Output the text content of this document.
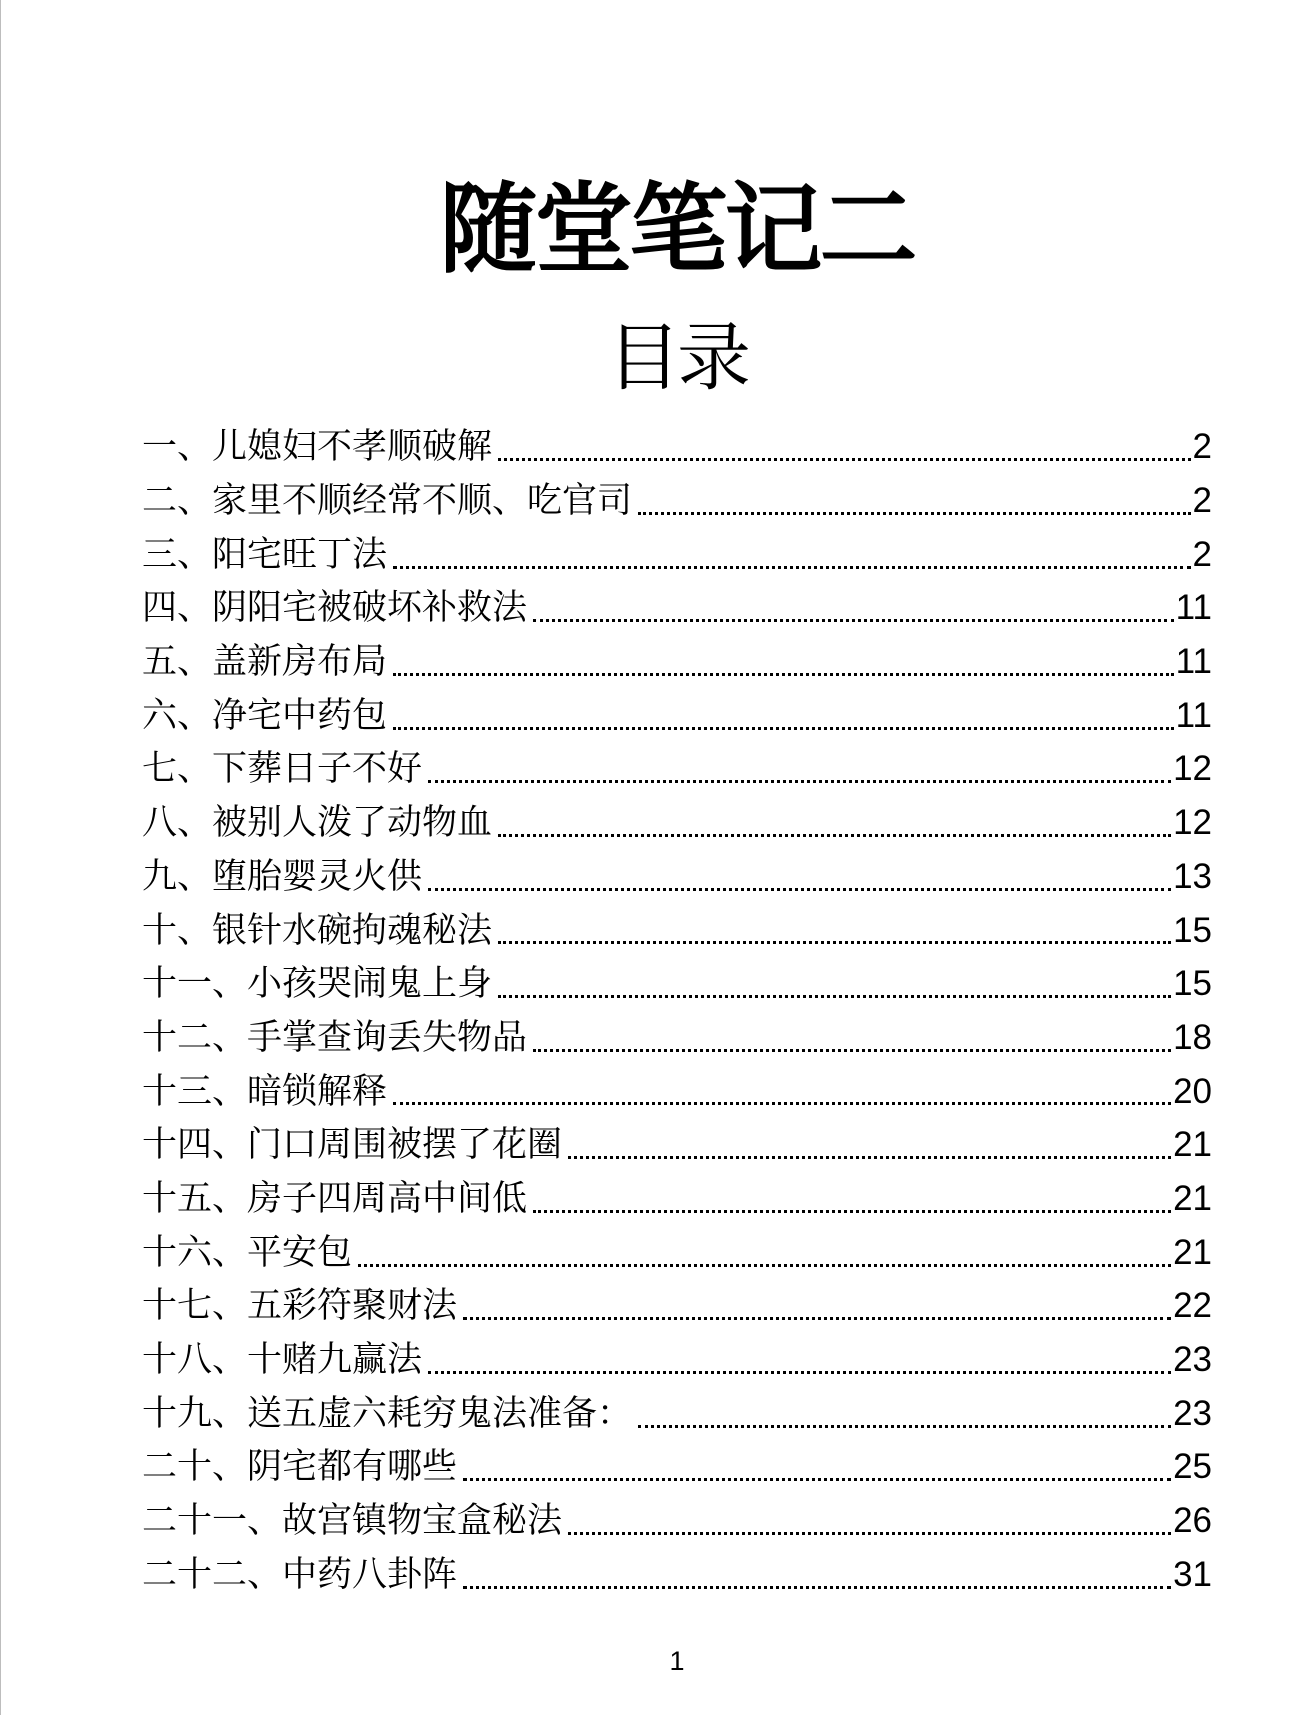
随堂笔记二
目录
一、 儿媳妇不孝顺破解	2
二、 家里不顺经常不顺、吃官司	2
三、 阳宅旺丁法	2
四、 阴阳宅被破坏补救法	11
五、 盖新房布局	11
六、 净宅中药包	11
七、 下葬日子不好	12
八、 被别人泼了动物血	12
九、 堕胎婴灵火供	13
十、 银针水碗拘魂秘法	15
十一、 小孩哭闹鬼上身	15
十二、 手掌查询丢失物品	18
十三、 暗锁解释	20
十四、 门口周围被摆了花圈	21
十五、 房子四周高中间低	21
十六、 平安包	21
十七、 五彩符聚财法	22
十八、 十赌九赢法	23
十九、 送五虚六耗穷鬼法准备：	23
二十、 阴宅都有哪些	25
二十一、 故宫镇物宝盒秘法	26
二十二、 中药八卦阵	31
1
